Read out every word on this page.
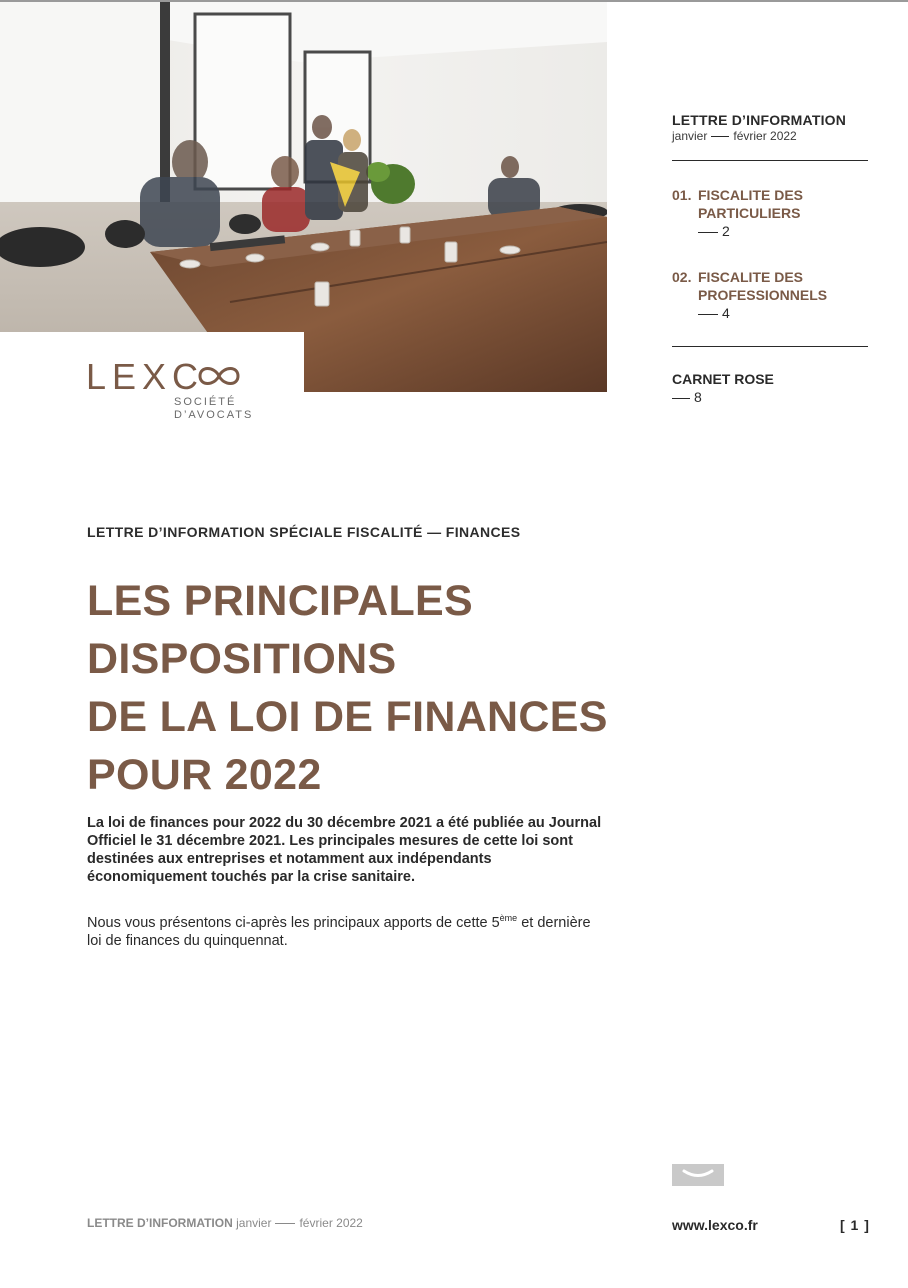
LEXC
SOCIÉTÉ
D’AVOCATS
LETTRE D’INFORMATION
janvier février 2022
01. FISCALITE DES
PARTICULIERS
2
02. FISCALITE DES
PROFESSIONNELS
4
CARNET ROSE
8
LETTRE D’INFORMATION SPÉCIALE FISCALITÉ — FINANCES
LES PRINCIPALES
DISPOSITIONS
DE LA LOI DE FINANCES
POUR 2022

La loi de finances pour 2022 du 30 décembre 2021 a été publiée au Journal Officiel le 31 décembre 2021. Les principales mesures de cette loi sont destinées aux entreprises et notamment aux indépendants économiquement touchés par la crise sanitaire.

Nous vous présentons ci-après les principaux apports de cette 5ème et dernière loi de finances du quinquennat.

LETTRE D’INFORMATION janvier février 2022	www.lexco.fr	[ 1 ]
